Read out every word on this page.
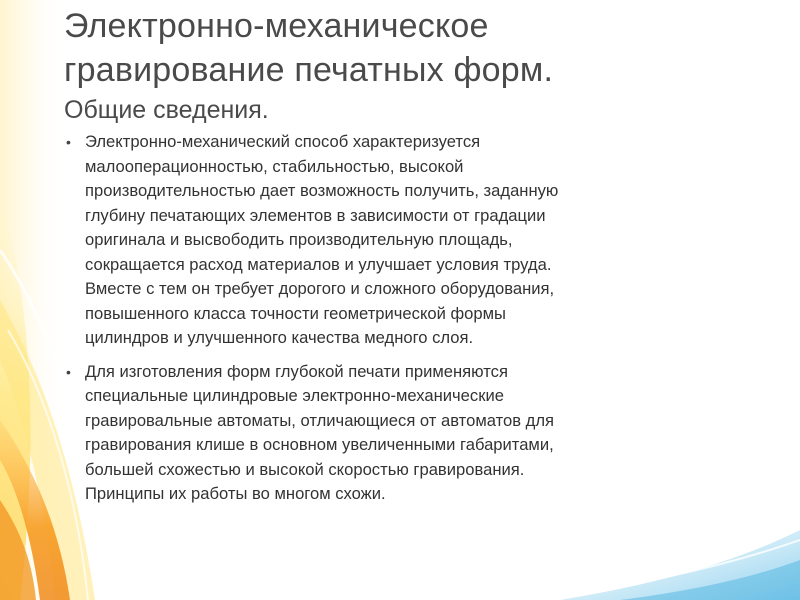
Электронно-механическое
гравирование печатных форм.
Общие сведения.
• Электронно-механический способ характеризуется
малооперационностью, стабильностью, высокой
производительностью дает возможность получить, заданную
глубину печатающих элементов в зависимости от градации
оригинала и высвободить производительную площадь,
сокращается расход материалов и улучшает условия труда.
Вместе с тем он требует дорогого и сложного оборудования,
повышенного класса точности геометрической формы
цилиндров и улучшенного качества медного слоя.
• Для изготовления форм глубокой печати применяются
специальные цилиндровые электронно-механические
гравировальные автоматы, отличающиеся от автоматов для
гравирования клише в основном увеличенными габаритами,
большей схожестью и высокой скоростью гравирования.
Принципы их работы во многом схожи.
